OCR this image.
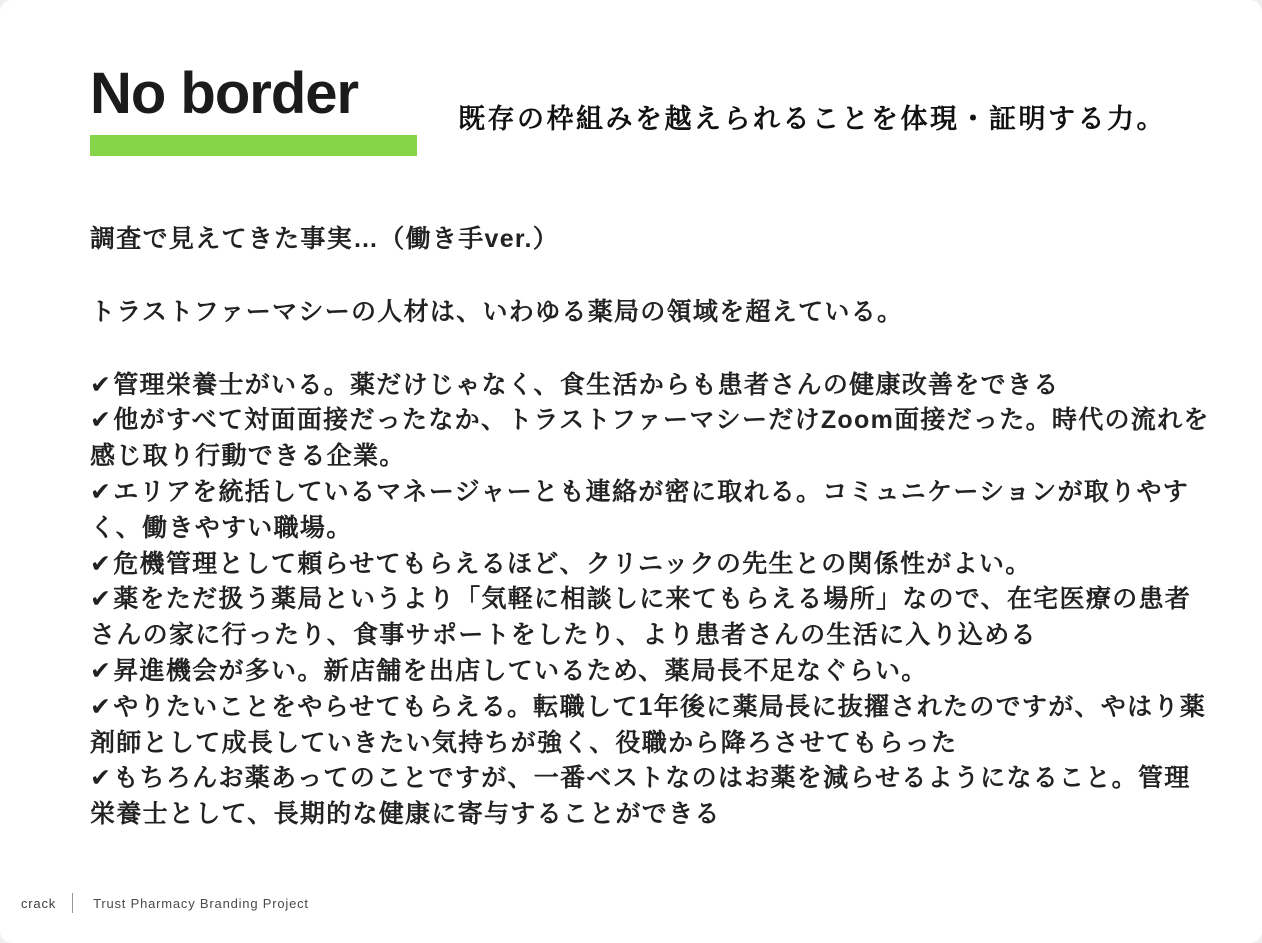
No border	既存の枠組みを越えられることを体現・証明する力。

調査で見えてきた事実…（働き手ver.）

トラストファーマシーの人材は、いわゆる薬局の領域を超えている。

✔管理栄養士がいる。薬だけじゃなく、食生活からも患者さんの健康改善をできる

✔他がすべて対面面接だったなか、トラストファーマシーだけZoom面接だった。時代の流れを感じ取り行動できる企業。

✔エリアを統括しているマネージャーとも連絡が密に取れる。コミュニケーションが取りやすく、働きやすい職場。

✔危機管理として頼らせてもらえるほど、クリニックの先生との関係性がよい。

✔薬をただ扱う薬局というより「気軽に相談しに来てもらえる場所」なので、在宅医療の患者さんの家に行ったり、食事サポートをしたり、より患者さんの生活に入り込める

✔昇進機会が多い。新店舗を出店しているため、薬局長不足なぐらい。

✔やりたいことをやらせてもらえる。転職して1年後に薬局長に抜擢されたのですが、やはり薬剤師として成長していきたい気持ちが強く、役職から降ろさせてもらった

✔もちろんお薬あってのことですが、一番ベストなのはお薬を減らせるようになること。管理栄養士として、長期的な健康に寄与することができる

crack	Trust Pharmacy Branding Project
